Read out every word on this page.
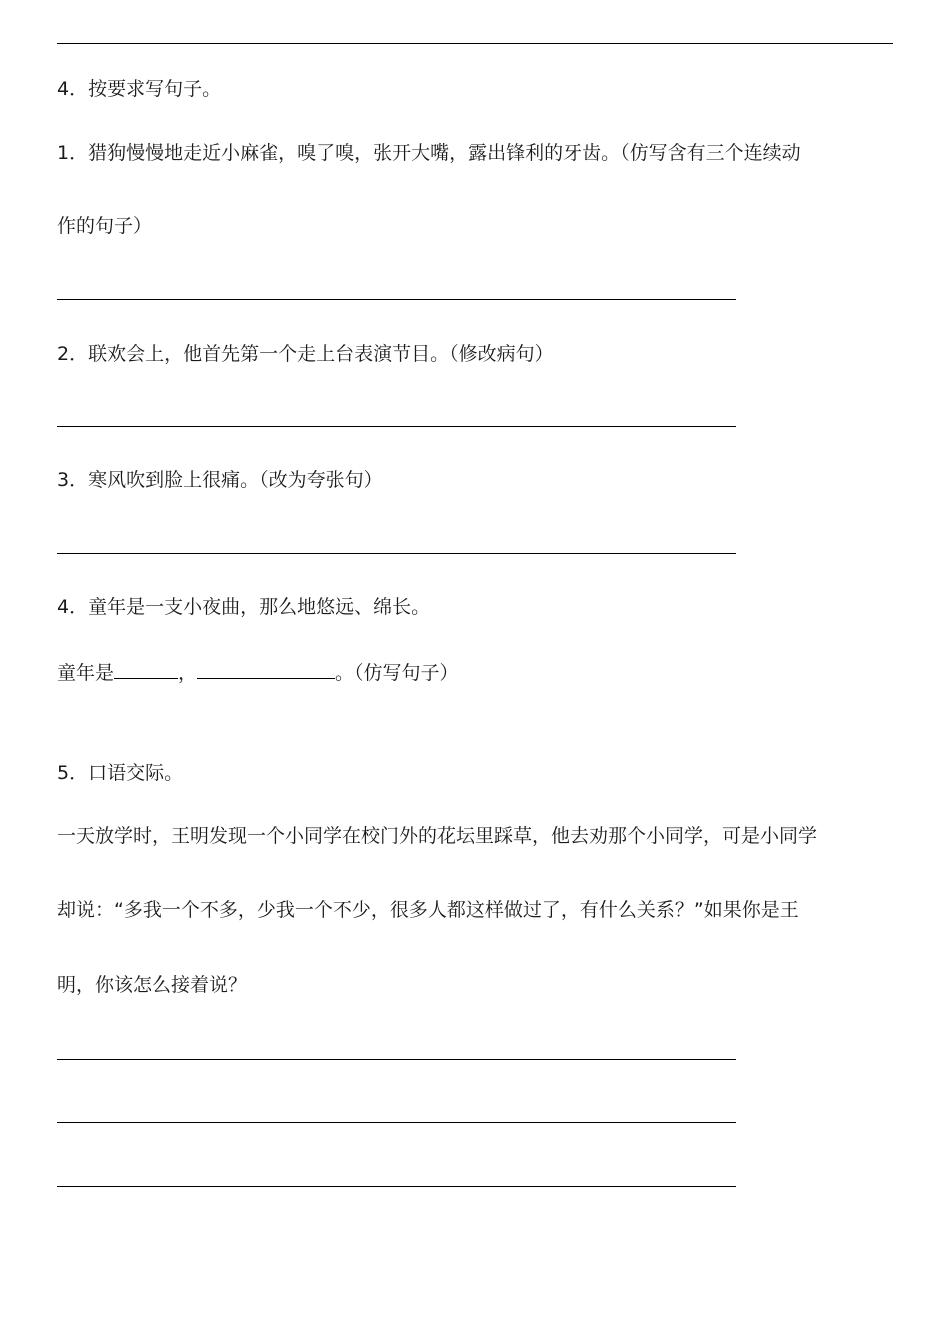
4．按要求写句子。
1．猎狗慢慢地走近小麻雀，嗅了嗅，张开大嘴，露出锋利的牙齿。（仿写含有三个连续动
作的句子）
2．联欢会上，他首先第一个走上台表演节目。（修改病句）
3．寒风吹到脸上很痛。（改为夸张句）
4．童年是一支小夜曲，那么地悠远、绵长。
童年是	，	。（仿写句子）
5．口语交际。
一天放学时，王明发现一个小同学在校门外的花坛里踩草，他去劝那个小同学，可是小同学
却说：“多我一个不多，少我一个不少，很多人都这样做过了，有什么关系？”如果你是王
明，你该怎么接着说？
